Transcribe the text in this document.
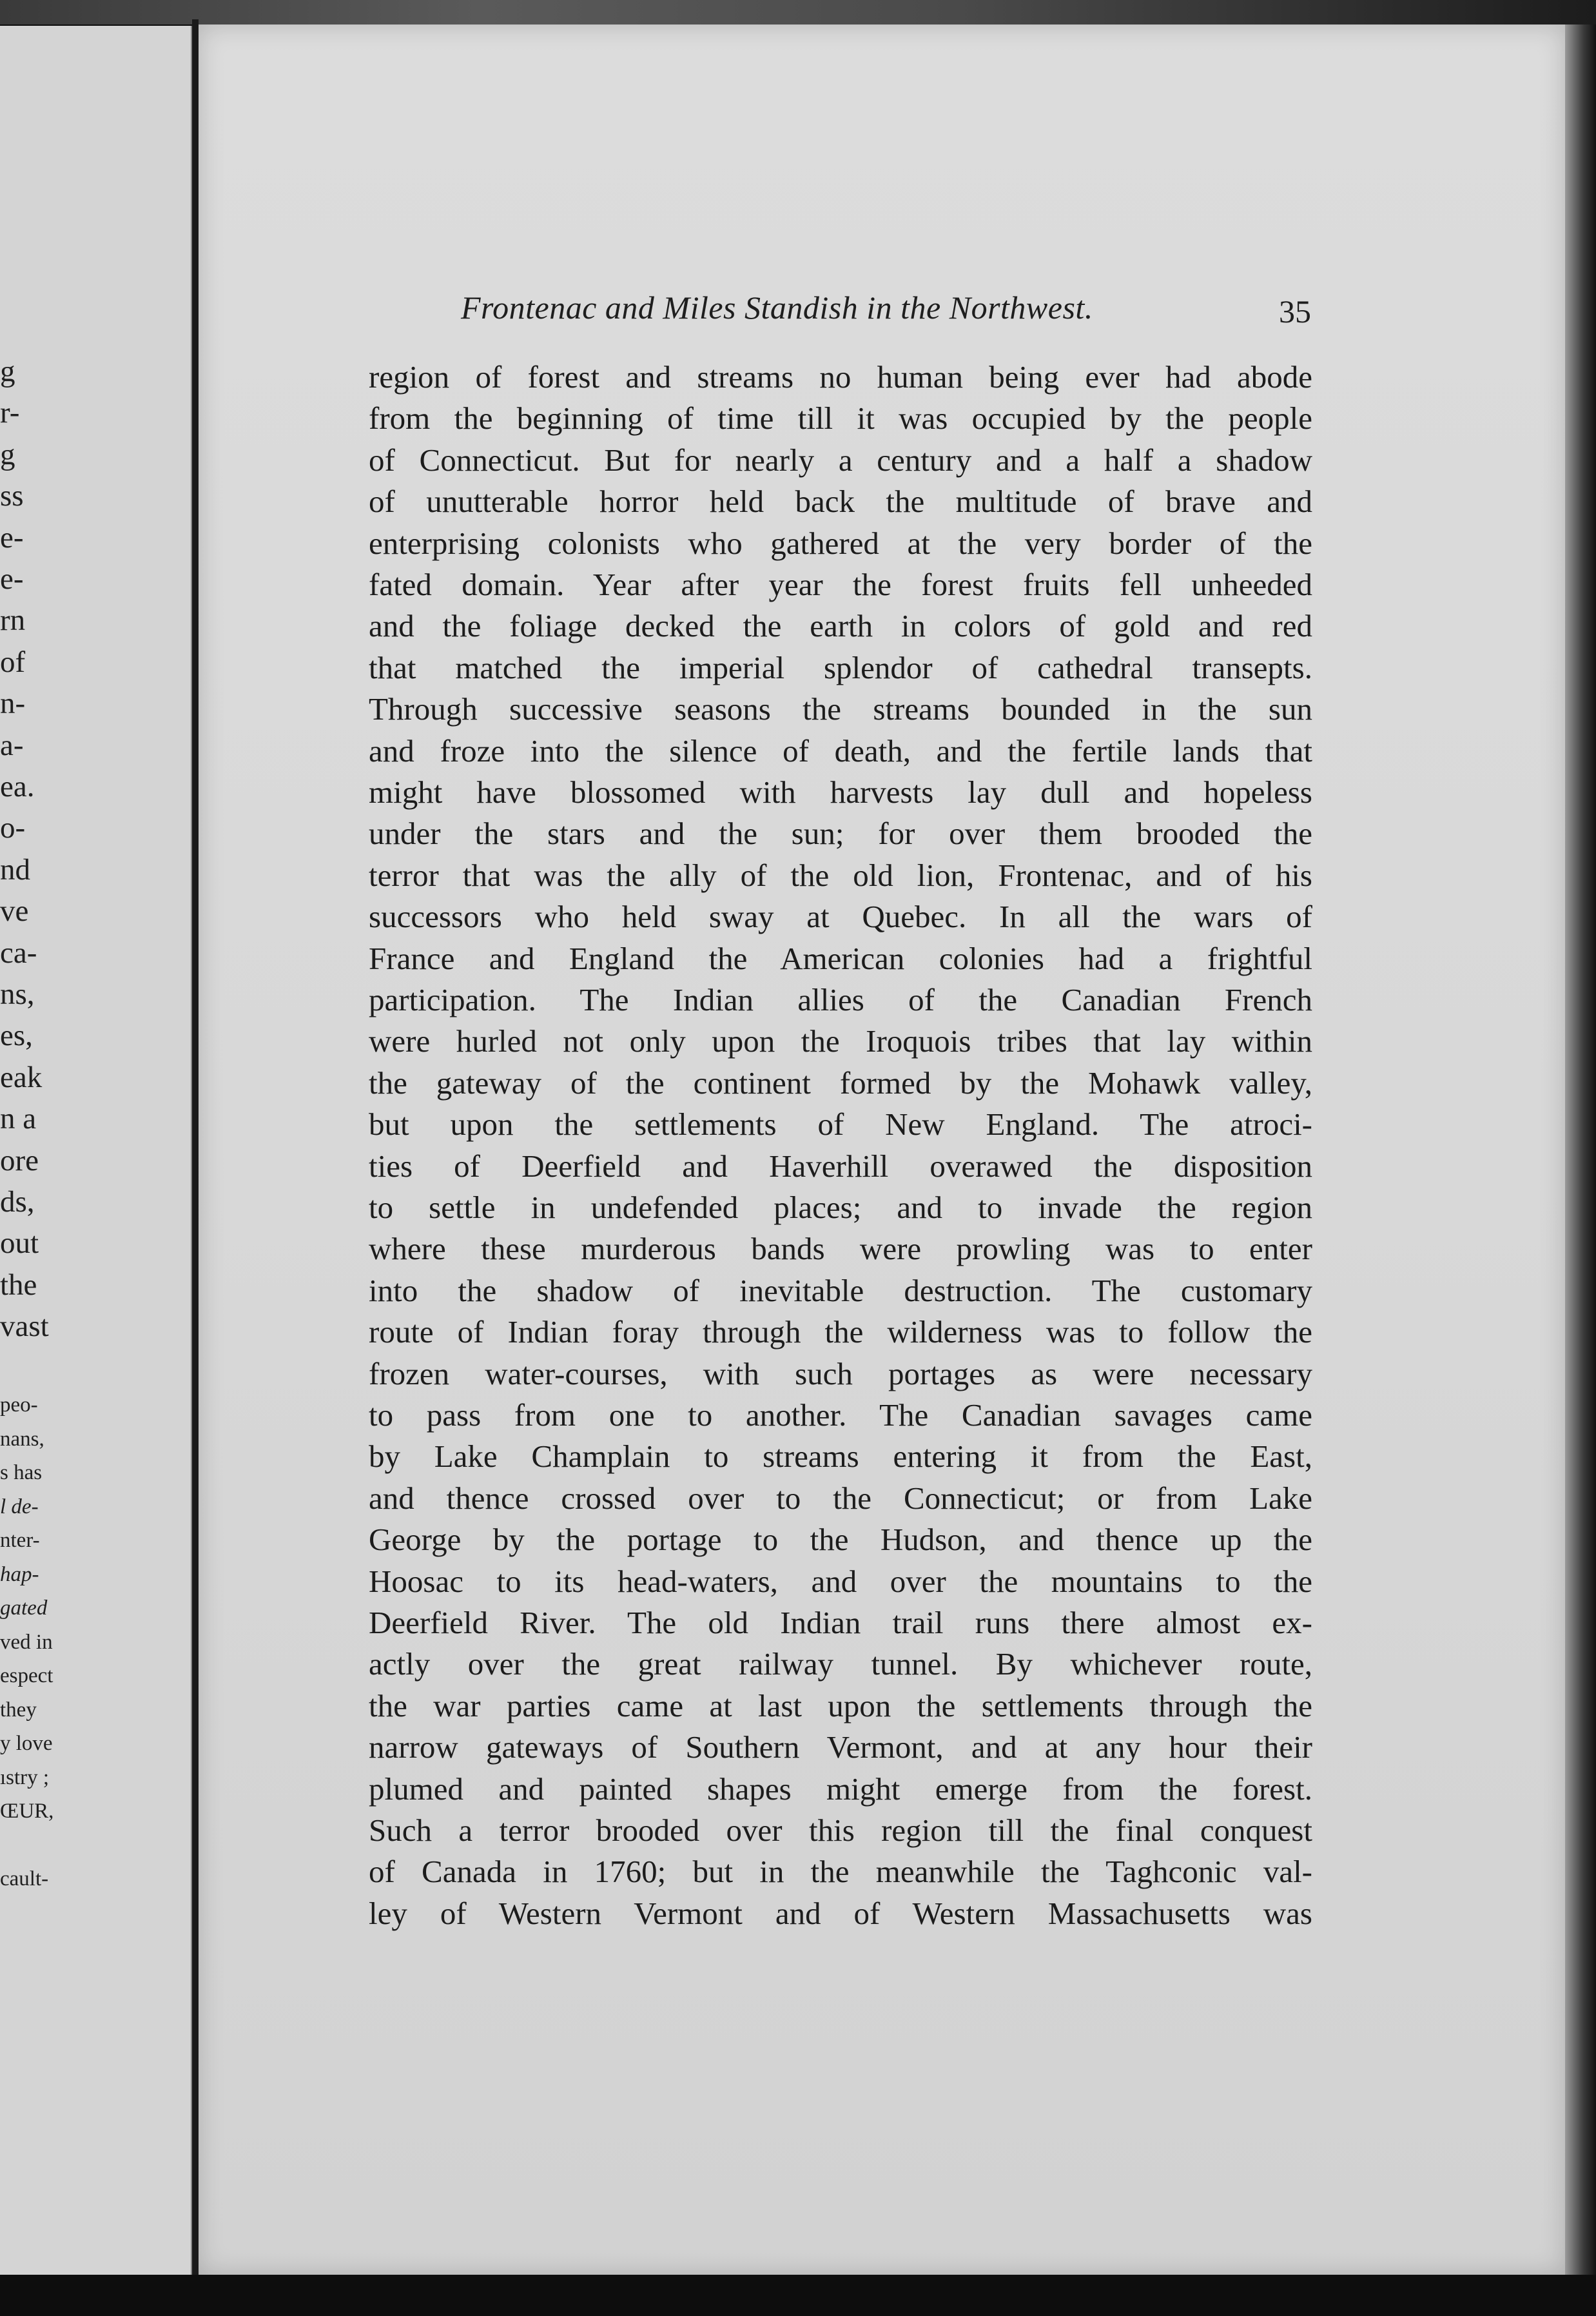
g
r-
g
ss
e-
e-
rn
of
n-
a-
ea.
o-
nd
ve
ca-
ns,
es,
eak
n a
ore
ds,
out
the
vast
peo-
nans,
s has
l de-
nter-
hap-
gated
ved in
espect
they
y love
ıstry ;
ŒUR,
cault-
Frontenac and Miles Standish in the Northwest.	35
region of forest and streams no human being ever had abode
from the beginning of time till it was occupied by the people
of Connecticut. But for nearly a century and a half a shadow
of unutterable horror held back the multitude of brave and
enterprising colonists who gathered at the very border of the
fated domain. Year after year the forest fruits fell unheeded
and the foliage decked the earth in colors of gold and red
that matched the imperial splendor of cathedral transepts.
Through successive seasons the streams bounded in the sun
and froze into the silence of death, and the fertile lands that
might have blossomed with harvests lay dull and hopeless
under the stars and the sun; for over them brooded the
terror that was the ally of the old lion, Frontenac, and of his
successors who held sway at Quebec. In all the wars of
France and England the American colonies had a frightful
participation. The Indian allies of the Canadian French
were hurled not only upon the Iroquois tribes that lay within
the gateway of the continent formed by the Mohawk valley,
but upon the settlements of New England. The atroci-
ties of Deerfield and Haverhill overawed the disposition
to settle in undefended places; and to invade the region
where these murderous bands were prowling was to enter
into the shadow of inevitable destruction. The customary
route of Indian foray through the wilderness was to follow the
frozen water-courses, with such portages as were necessary
to pass from one to another. The Canadian savages came
by Lake Champlain to streams entering it from the East,
and thence crossed over to the Connecticut; or from Lake
George by the portage to the Hudson, and thence up the
Hoosac to its head-waters, and over the mountains to the
Deerfield River. The old Indian trail runs there almost ex-
actly over the great railway tunnel. By whichever route,
the war parties came at last upon the settlements through the
narrow gateways of Southern Vermont, and at any hour their
plumed and painted shapes might emerge from the forest.
Such a terror brooded over this region till the final conquest
of Canada in 1760; but in the meanwhile the Taghconic val-
ley of Western Vermont and of Western Massachusetts was
